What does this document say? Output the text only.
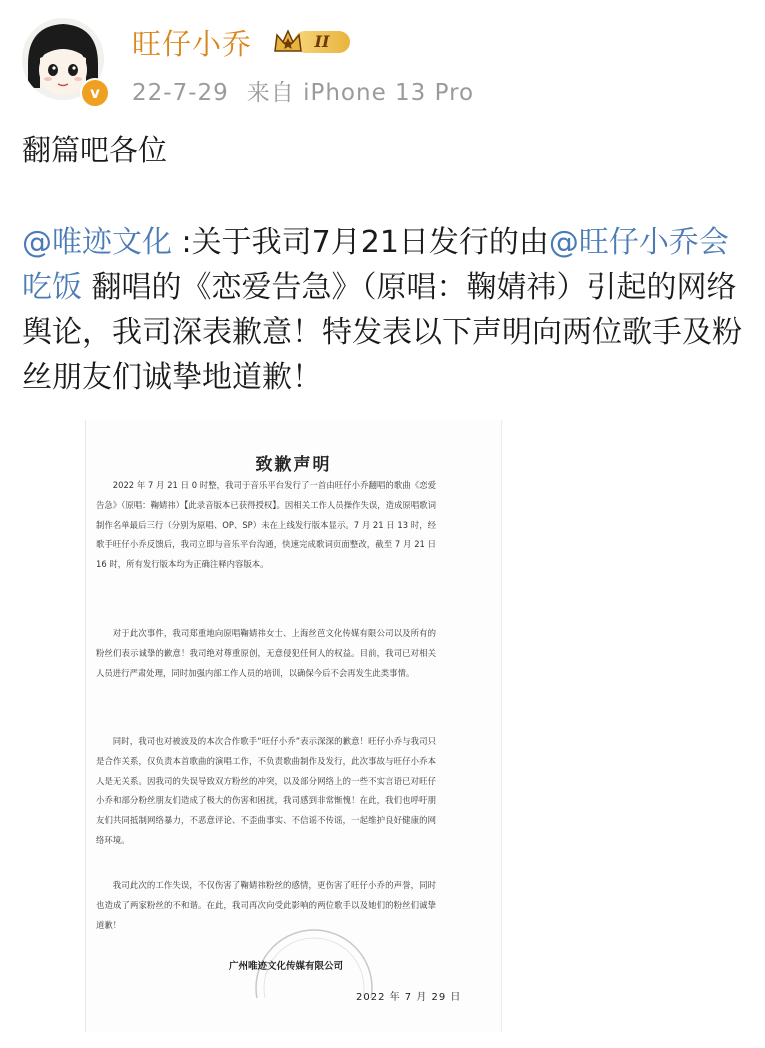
v
旺仔小乔	II
22-7-29 来自 iPhone 13 Pro
翻篇吧各位
@唯迹文化 :关于我司7月21日发行的由@旺仔小乔会吃饭 翻唱的《恋爱告急》（原唱：鞠婧祎）引起的网络舆论，我司深表歉意！特发表以下声明向两位歌手及粉丝朋友们诚挚地道歉！
致歉声明
2022 年 7 月 21 日 0 时整，我司于音乐平台发行了一首由旺仔小乔翻唱的歌曲《恋爱告急》（原唱：鞠婧祎）【此录音版本已获得授权】。因相关工作人员操作失误，造成原唱歌词制作名单最后三行（分别为原唱、OP、SP）未在上线发行版本显示。7 月 21 日 13 时，经歌手旺仔小乔反馈后，我司立即与音乐平台沟通，快速完成歌词页面整改，截至 7 月 21 日 16 时，所有发行版本均为正确注释内容版本。
对于此次事件，我司郑重地向原唱鞠婧祎女士、上海丝芭文化传媒有限公司以及所有的粉丝们表示诚挚的歉意！我司绝对尊重原创，无意侵犯任何人的权益。目前，我司已对相关人员进行严肃处理，同时加强内部工作人员的培训，以确保今后不会再发生此类事情。
同时，我司也对被波及的本次合作歌手“旺仔小乔”表示深深的歉意！旺仔小乔与我司只是合作关系，仅负责本首歌曲的演唱工作，不负责歌曲制作及发行，此次事故与旺仔小乔本人是无关系。因我司的失误导致双方粉丝的冲突，以及部分网络上的一些不实言语已对旺仔小乔和部分粉丝朋友们造成了极大的伤害和困扰，我司感到非常惭愧！在此，我们也呼吁朋友们共同抵制网络暴力，不恶意评论、不歪曲事实、不信谣不传谣，一起维护良好健康的网络环境。
我司此次的工作失误，不仅伤害了鞠婧祎粉丝的感情，更伤害了旺仔小乔的声誉，同时也造成了两家粉丝的不和谐。在此，我司再次向受此影响的两位歌手以及她们的粉丝们诚挚道歉！
广州唯迹文化传媒有限公司
2022 年 7 月 29 日
